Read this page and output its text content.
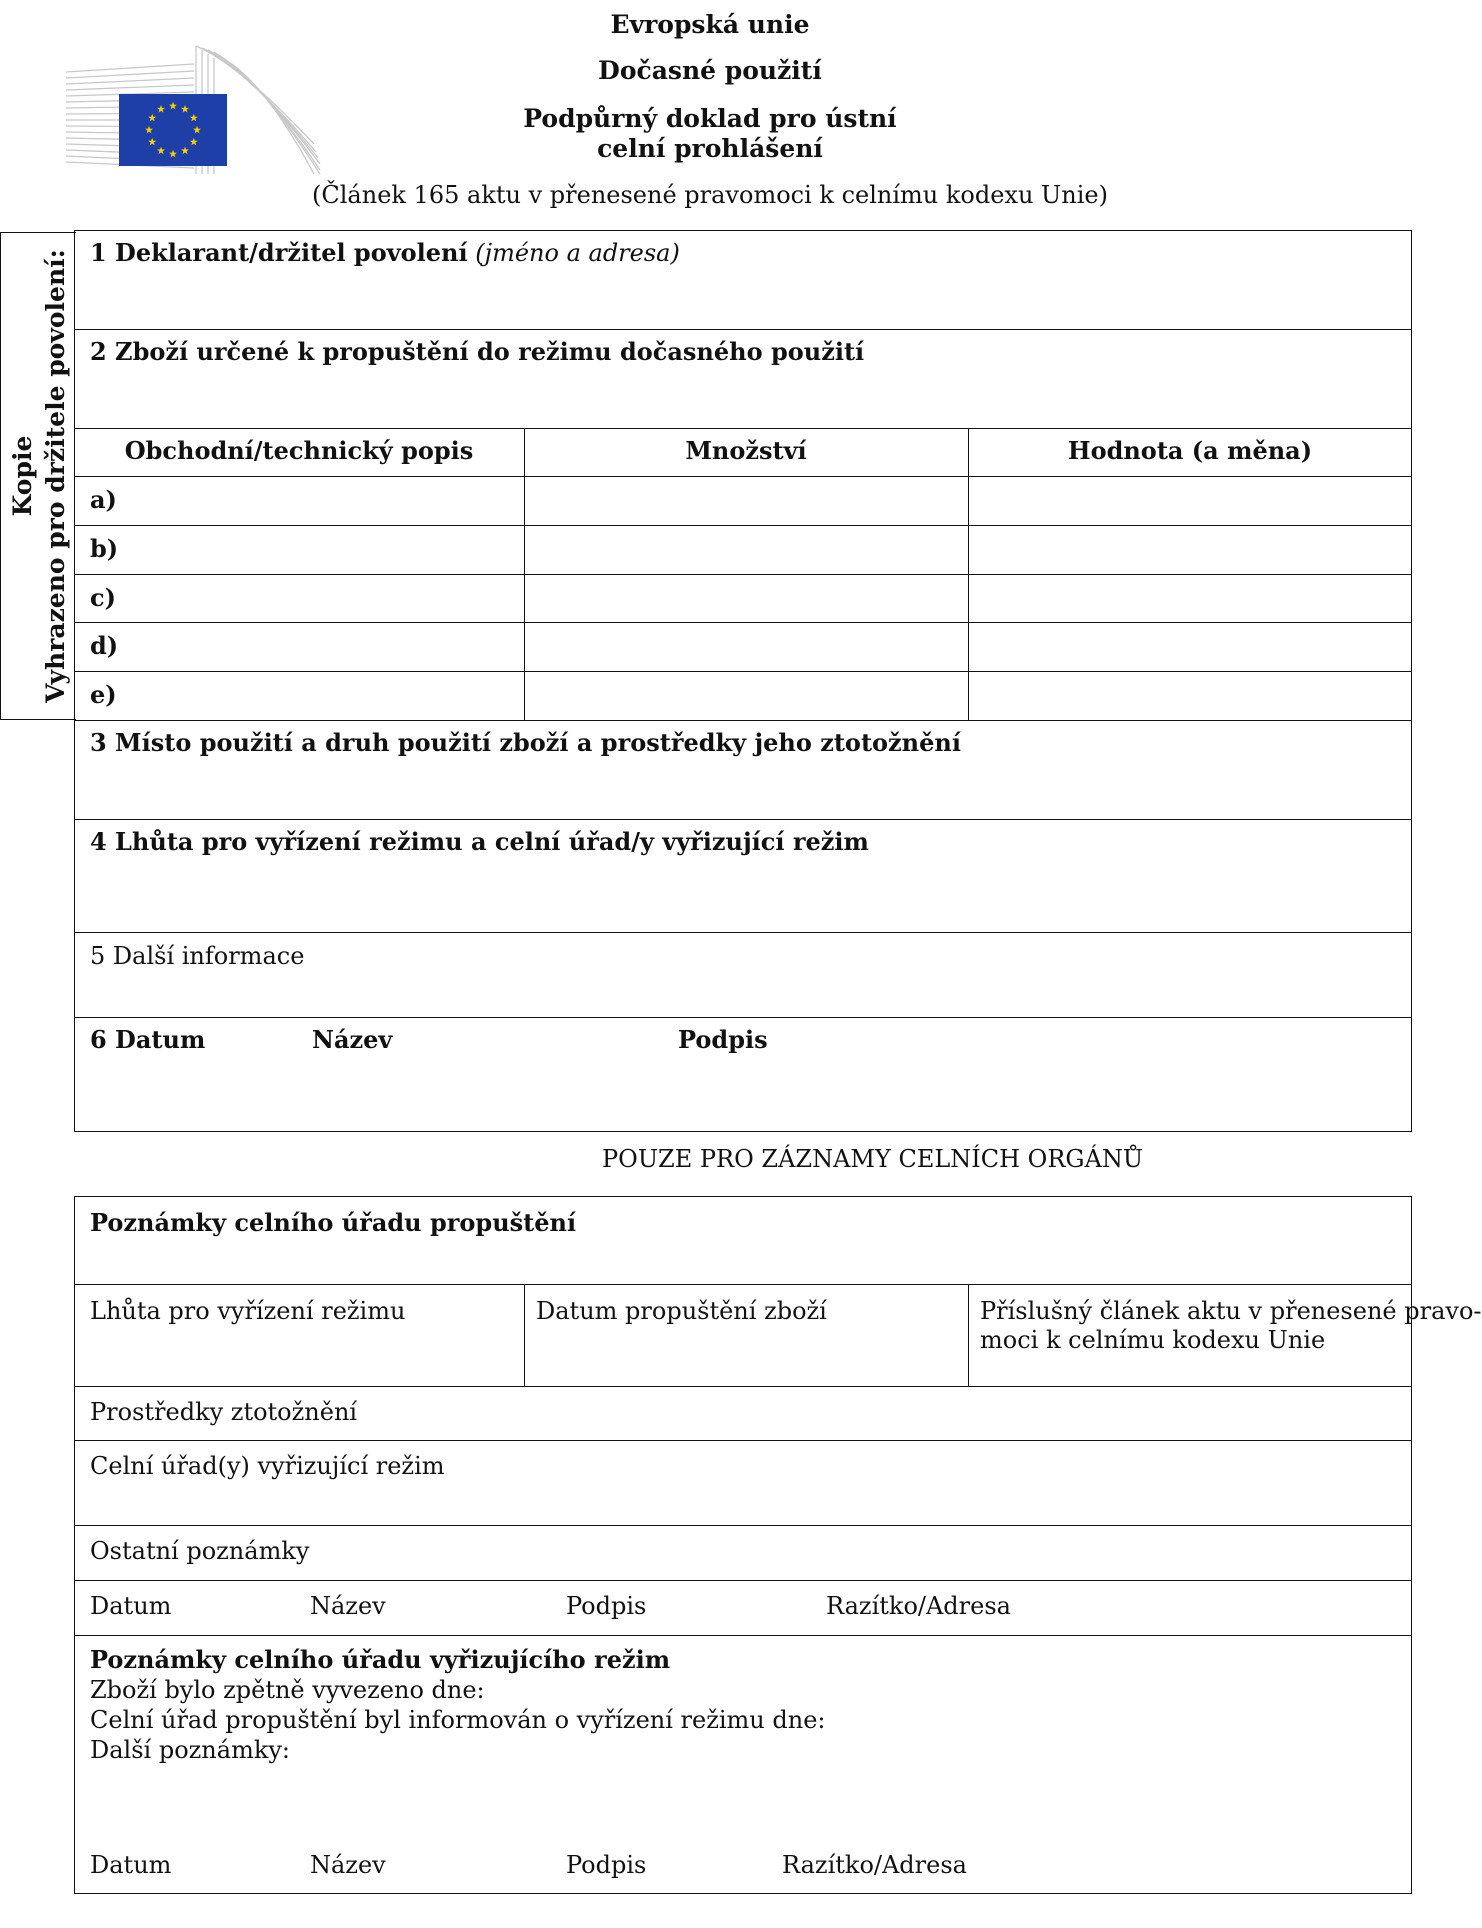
Evropská unie
Dočasné použití
Podpůrný doklad pro ústní
celní prohlášení
(Článek 165 aktu v přenesené pravomoci k celnímu kodexu Unie)
Kopie Vyhrazeno pro držitele povolení: 1 Deklarant/držitel povolení (jméno a adresa)
2 Zboží určené k propuštění do režimu dočasného použití
Obchodní/technický popis	Množství	Hodnota (a měna)
a)
b)
c)
d)
e)
3 Místo použití a druh použití zboží a prostředky jeho ztotožnění
4 Lhůta pro vyřízení režimu a celní úřad/y vyřizující režim
5 Další informace
6 Datum	Název	Podpis
POUZE PRO ZÁZNAMY CELNÍCH ORGÁNŮ
Poznámky celního úřadu propuštění
Lhůta pro vyřízení režimu	Datum propuštění zboží	Příslušný článek aktu v přenesené pravo-
moci k celnímu kodexu Unie
Prostředky ztotožnění
Celní úřad(y) vyřizující režim
Ostatní poznámky
Datum	Název	Podpis	Razítko/Adresa
Poznámky celního úřadu vyřizujícího režim
Zboží bylo zpětně vyvezeno dne:
Celní úřad propuštění byl informován o vyřízení režimu dne:
Další poznámky:
Datum	Název	Podpis	Razítko/Adresa
